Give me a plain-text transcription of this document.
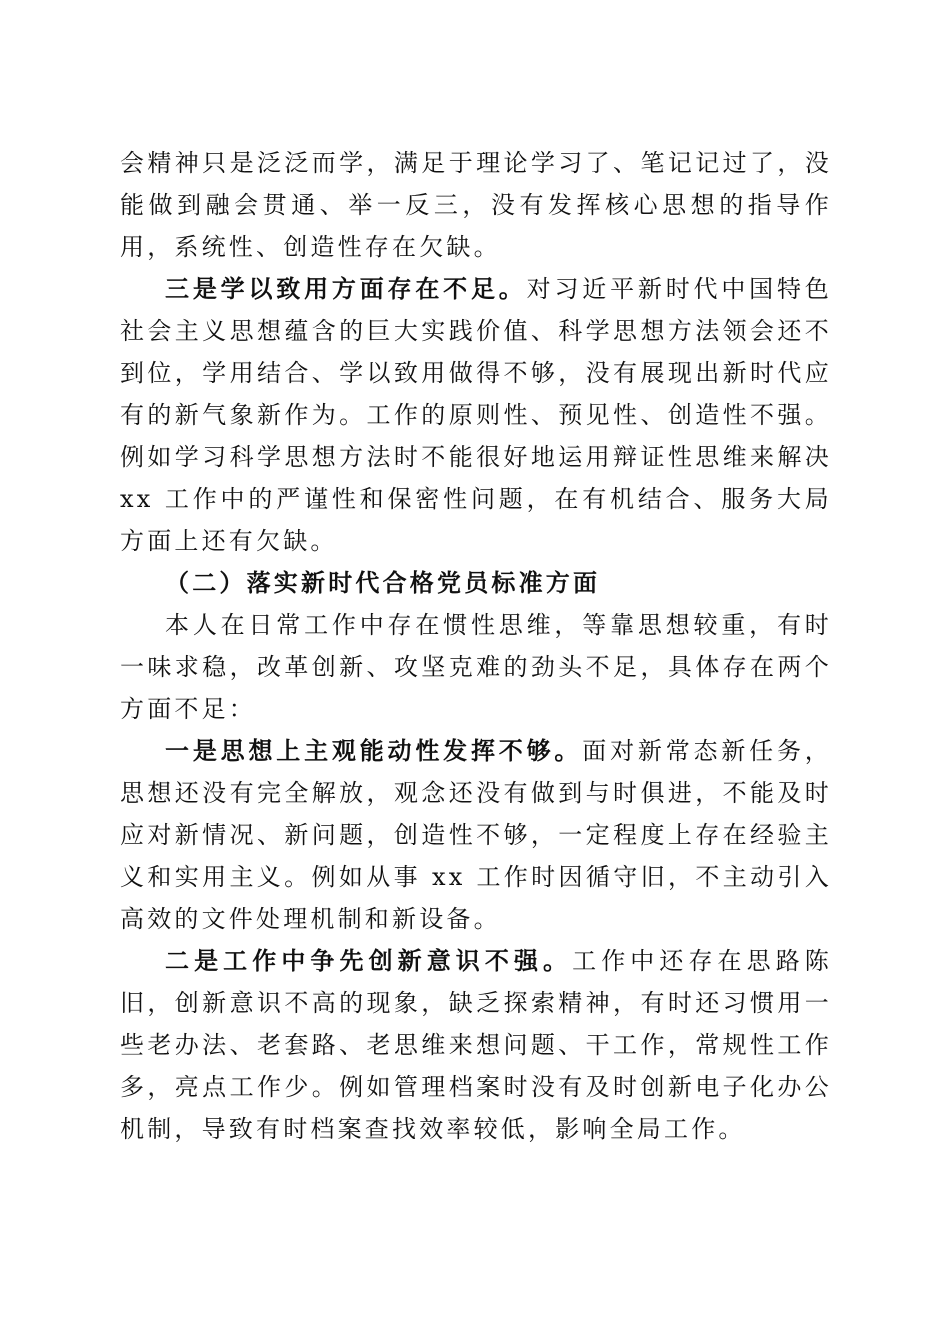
会精神只是泛泛而学，满足于理论学习了、笔记记过了，没能做到融会贯通、举一反三，没有发挥核心思想的指导作用，系统性、创造性存在欠缺。

三是学以致用方面存在不足。对习近平新时代中国特色社会主义思想蕴含的巨大实践价值、科学思想方法领会还不到位，学用结合、学以致用做得不够，没有展现出新时代应有的新气象新作为。工作的原则性、预见性、创造性不强。例如学习科学思想方法时不能很好地运用辩证性思维来解决 xx 工作中的严谨性和保密性问题，在有机结合、服务大局方面上还有欠缺。

（二）落实新时代合格党员标准方面

本人在日常工作中存在惯性思维，等靠思想较重，有时一味求稳，改革创新、攻坚克难的劲头不足，具体存在两个方面不足：

一是思想上主观能动性发挥不够。面对新常态新任务，思想还没有完全解放，观念还没有做到与时俱进，不能及时应对新情况、新问题，创造性不够，一定程度上存在经验主义和实用主义。例如从事 xx 工作时因循守旧，不主动引入高效的文件处理机制和新设备。

二是工作中争先创新意识不强。工作中还存在思路陈旧，创新意识不高的现象，缺乏探索精神，有时还习惯用一些老办法、老套路、老思维来想问题、干工作，常规性工作多，亮点工作少。例如管理档案时没有及时创新电子化办公机制，导致有时档案查找效率较低，影响全局工作。
